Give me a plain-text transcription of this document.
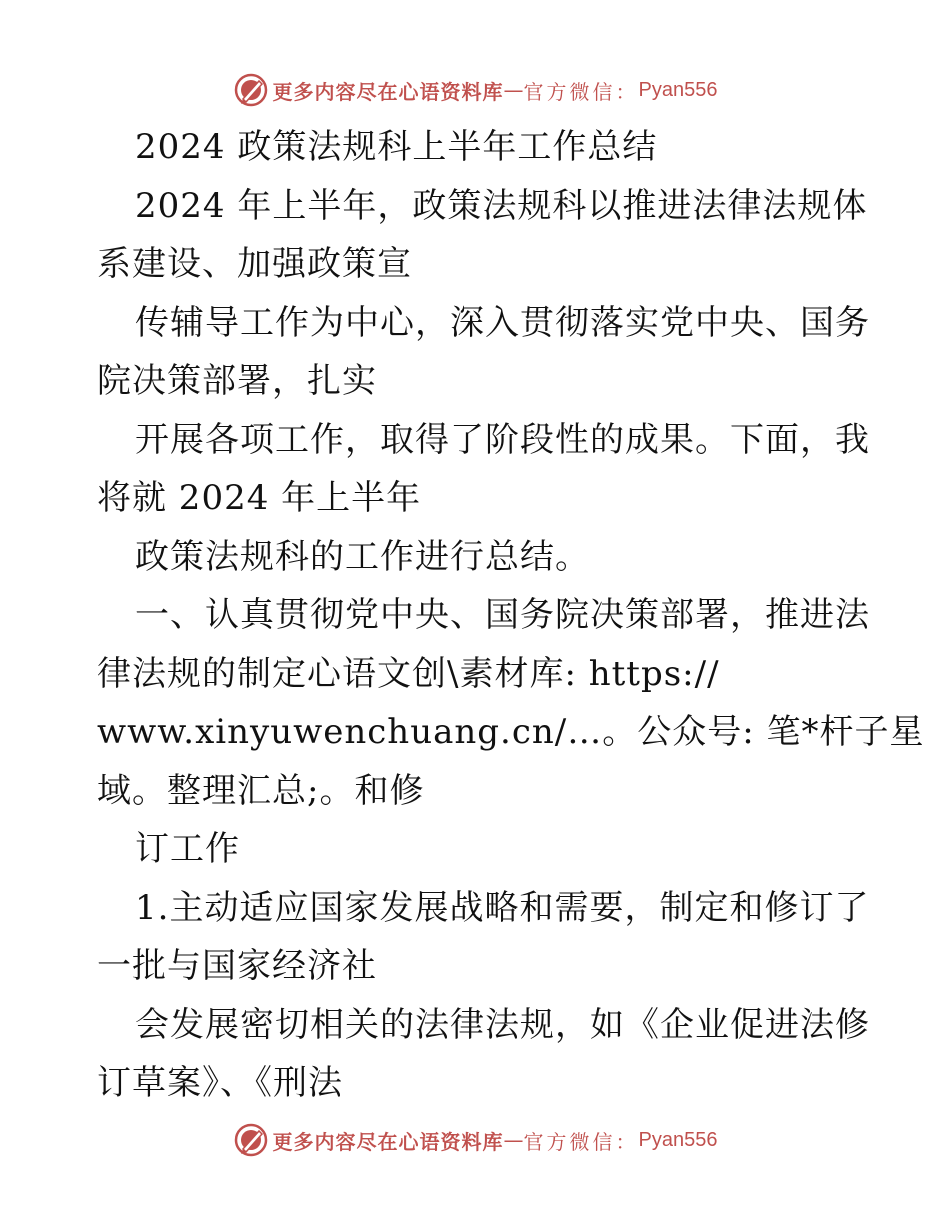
更多内容尽在心语资料库 — 官方微信： Pyan556
2024 政策法规科上半年工作总结
2024 年上半年，政策法规科以推进法律法规体
系建设、加强政策宣
传辅导工作为中心，深入贯彻落实党中央、国务
院决策部署，扎实
开展各项工作，取得了阶段性的成果。下面，我
将就 2024 年上半年
政策法规科的工作进行总结。
一、认真贯彻党中央、国务院决策部署，推进法
律法规的制定心语文创\素材库: https://
www.xinyuwenchuang.cn/…。公众号: 笔*杆子星
域。整理汇总;。和修
订工作
1.主动适应国家发展战略和需要，制定和修订了
一批与国家经济社
会发展密切相关的法律法规，如《企业促进法修
订草案》、《刑法
更多内容尽在心语资料库 — 官方微信： Pyan556
